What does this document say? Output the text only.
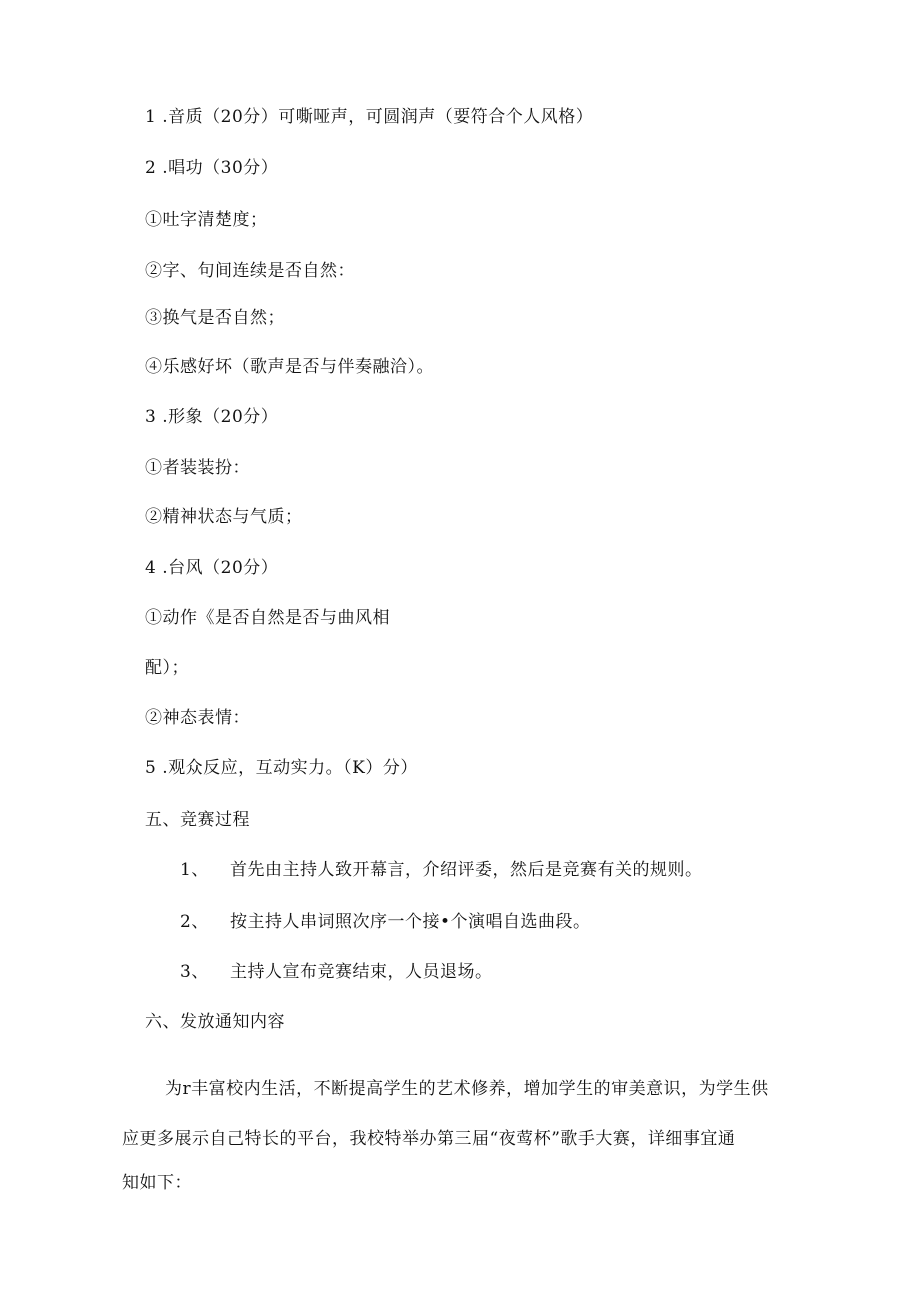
1 .音质（20分）可嘶哑声，可圆润声（要符合个人风格）
2 .唱功（30分）
①吐字清楚度；
②字、句间连续是否自然：
③换气是否自然；
④乐感好坏（歌声是否与伴奏融洽）。
3 .形象（20分）
①者装装扮：
②精神状态与气质；
4 .台风（20分）
①动作《是否自然是否与曲风相
配）；
②神态表情：
5 .观众反应，互动实力。（K）分）
五、竞赛过程
1、 首先由主持人致开幕言，介绍评委，然后是竞赛有关的规则。
2、 按主持人串词照次序一个接•个演唱自选曲段。
3、 主持人宣布竞赛结束，人员退场。
六、发放通知内容
为r丰富校内生活，不断提高学生的艺术修养，增加学生的审美意识，为学生供
应更多展示自己特长的平台，我校特举办第三届“夜莺杯”歌手大赛，详细事宜通
知如下：
